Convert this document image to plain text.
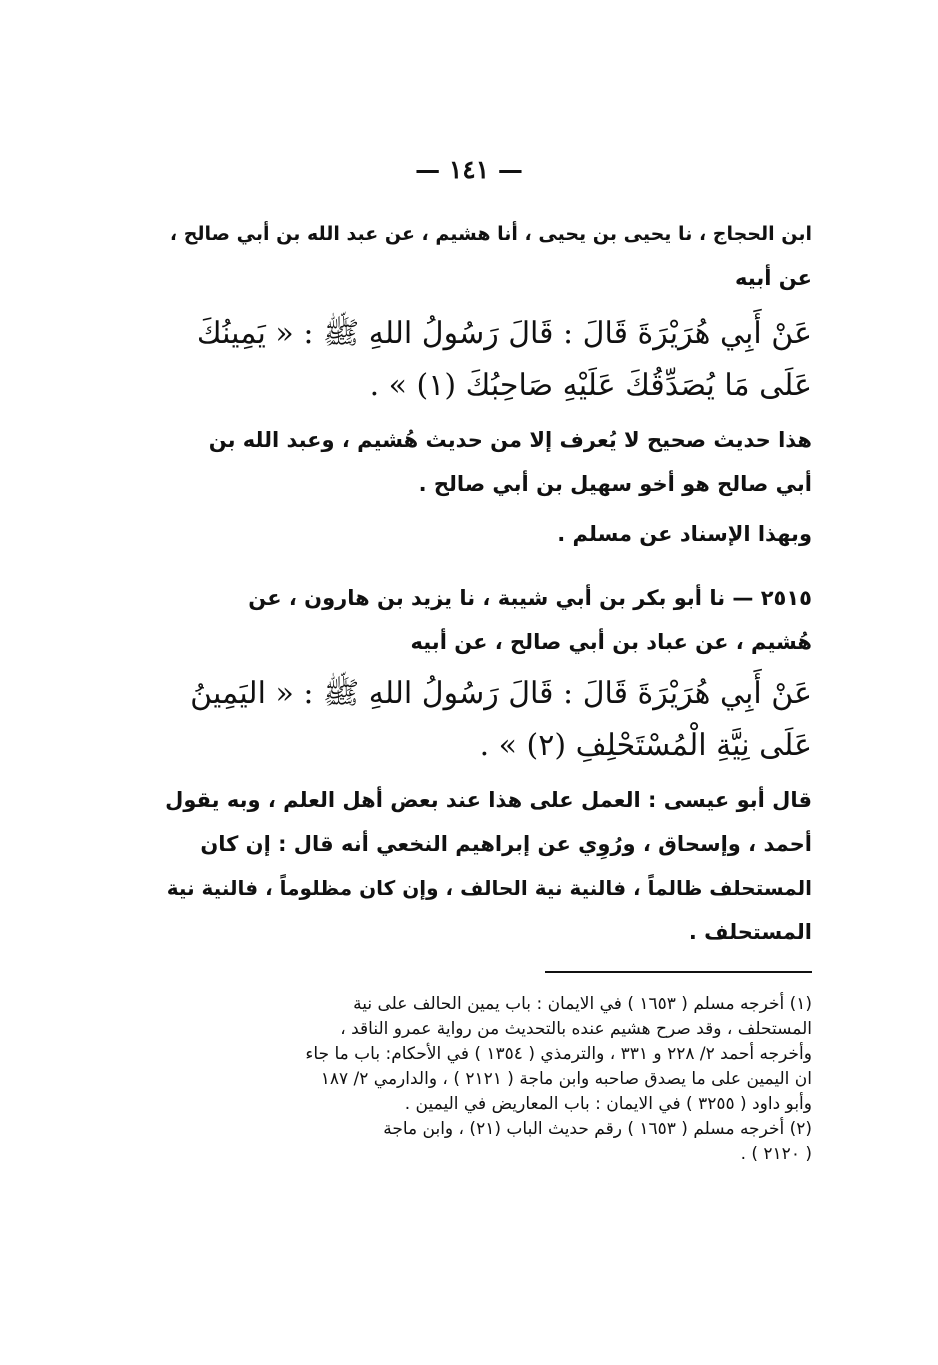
— ١٤١ —
ابن الحجاج ، نا يحيى بن يحيى ، أنا هشيم ، عن عبد الله بن أبي صالح ،
عن أبيه
عَنْ أَبِي هُرَيْرَةَ قَالَ : قَالَ رَسُولُ اللهِ ﷺ : « يَمِينُكَ
عَلَى مَا يُصَدِّقُكَ عَلَيْهِ صَاحِبُكَ (١) » .
هذا حديث صحيح لا يُعرف إلا من حديث هُشيم ، وعبد الله بن
أبي صالح هو أخو سهيل بن أبي صالح .
وبهذا الإسناد عن مسلم .
٢٥١٥ — نا أبو بكر بن أبي شيبة ، نا يزيد بن هارون ، عن
هُشيم ، عن عباد بن أبي صالح ، عن أبيه
عَنْ أَبِي هُرَيْرَةَ قَالَ : قَالَ رَسُولُ اللهِ ﷺ : « اليَمِينُ
عَلَى نِيَّةِ الْمُسْتَحْلِفِ (٢) » .
قال أبو عيسى : العمل على هذا عند بعض أهل العلم ، وبه يقول
أحمد ، وإسحاق ، ورُوِي عن إبراهيم النخعي أنه قال : إن كان
المستحلف ظالماً ، فالنية نية الحالف ، وإن كان مظلوماً ، فالنية نية
المستحلف .
(١) أخرجه مسلم ( ١٦٥٣ ) في الايمان : باب يمين الحالف على نية
المستحلف ، وقد صرح هشيم عنده بالتحديث من رواية عمرو الناقد ،
وأخرجه أحمد ٢/ ٢٢٨ و ٣٣١ ، والترمذي ( ١٣٥٤ ) في الأحكام: باب ما جاء
ان اليمين على ما يصدق صاحبه وابن ماجة ( ٢١٢١ ) ، والدارمي ٢/ ١٨٧
وأبو داود ( ٣٢٥٥ ) في الايمان : باب المعاريض في اليمين .
(٢) أخرجه مسلم ( ١٦٥٣ ) رقم حديث الباب (٢١) ، وابن ماجة
( ٢١٢٠ ) .
